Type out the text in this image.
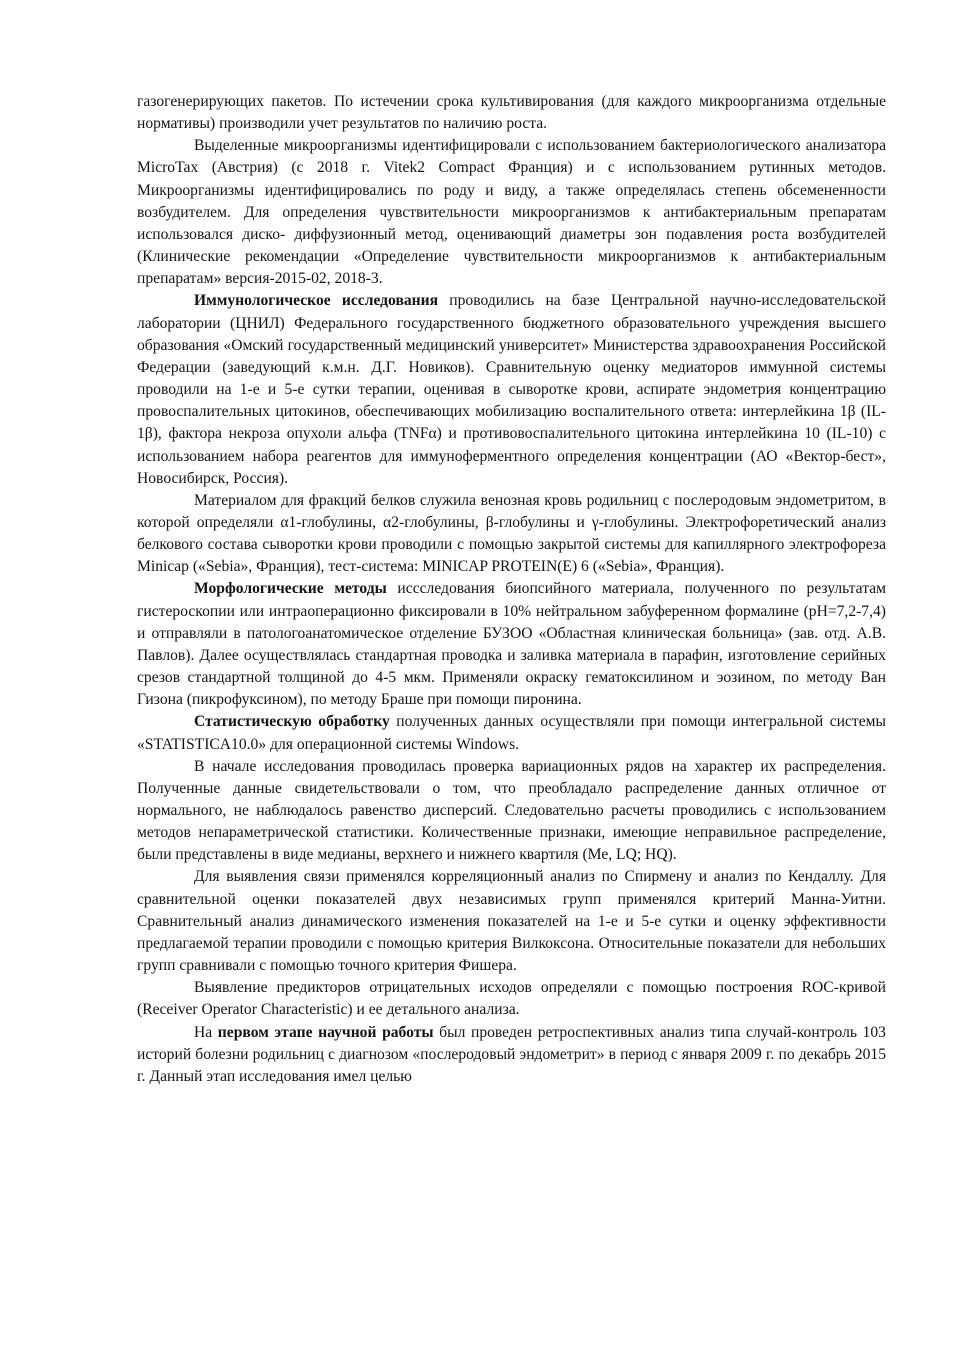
газогенерирующих пакетов. По истечении срока культивирования (для каждого микроорганизма отдельные нормативы) производили учет результатов по наличию роста.

Выделенные микроорганизмы идентифицировали с использованием бактериологического анализатора MicroTax (Австрия) (с 2018 г. Vitek2 Compact Франция) и с использованием рутинных методов. Микроорганизмы идентифицировались по роду и виду, а также определялась степень обсемененности возбудителем. Для определения чувствительности микроорганизмов к антибактериальным препаратам использовался диско- диффузионный метод, оценивающий диаметры зон подавления роста возбудителей (Клинические рекомендации «Определение чувствительности микроорганизмов к антибактериальным препаратам» версия-2015-02, 2018-3.

Иммунологическое исследования проводились на базе Центральной научно-исследовательской лаборатории (ЦНИЛ) Федерального государственного бюджетного образовательного учреждения высшего образования «Омский государственный медицинский университет» Министерства здравоохранения Российской Федерации (заведующий к.м.н. Д.Г. Новиков). Сравнительную оценку медиаторов иммунной системы проводили на 1-е и 5-е сутки терапии, оценивая в сыворотке крови, аспирате эндометрия концентрацию провоспалительных цитокинов, обеспечивающих мобилизацию воспалительного ответа: интерлейкина 1β (IL-1β), фактора некроза опухоли альфа (TNFα) и противовоспалительного цитокина интерлейкина 10 (IL-10) с использованием набора реагентов для иммуноферментного определения концентрации (АО «Вектор-бест», Новосибирск, Россия).

Материалом для фракций белков служила венозная кровь родильниц с послеродовым эндометритом, в которой определяли α1-глобулины, α2-глобулины, β-глобулины и γ-глобулины. Электрофоретический анализ белкового состава сыворотки крови проводили с помощью закрытой системы для капиллярного электрофореза Minicap («Sebia», Франция), тест-система: MINICAP PROTEIN(E) 6 («Sebia», Франция).

Морфологические методы иссследования биопсийного материала, полученного по результатам гистероскопии или интраоперационно фиксировали в 10% нейтральном забуференном формалине (pH=7,2-7,4) и отправляли в патологоанатомическое отделение БУЗОО «Областная клиническая больница» (зав. отд. А.В. Павлов). Далее осуществлялась стандартная проводка и заливка материала в парафин, изготовление серийных срезов стандартной толщиной до 4-5 мкм. Применяли окраску гематоксилином и эозином, по методу Ван Гизона (пикрофуксином), по методу Браше при помощи пиронина.

Статистическую обработку полученных данных осуществляли при помощи интегральной системы «STATISTICA10.0» для операционной системы Windows.

В начале исследования проводилась проверка вариационных рядов на характер их распределения. Полученные данные свидетельствовали о том, что преобладало распределение данных отличное от нормального, не наблюдалось равенство дисперсий. Следовательно расчеты проводились с использованием методов непараметрической статистики. Количественные признаки, имеющие неправильное распределение, были представлены в виде медианы, верхнего и нижнего квартиля (Ме, LQ; HQ).

Для выявления связи применялся корреляционный анализ по Спирмену и анализ по Кендаллу. Для сравнительной оценки показателей двух независимых групп применялся критерий Манна-Уитни. Сравнительный анализ динамического изменения показателей на 1-е и 5-е сутки и оценку эффективности предлагаемой терапии проводили с помощью критерия Вилкоксона. Относительные показатели для небольших групп сравнивали с помощью точного критерия Фишера.

Выявление предикторов отрицательных исходов определяли с помощью построения ROC-кривой (Receiver Operator Characteristic) и ее детального анализа.

На первом этапе научной работы был проведен ретроспективных анализ типа случай-контроль 103 историй болезни родильниц с диагнозом «послеродовый эндометрит» в период с января 2009 г. по декабрь 2015 г. Данный этап исследования имел целью
